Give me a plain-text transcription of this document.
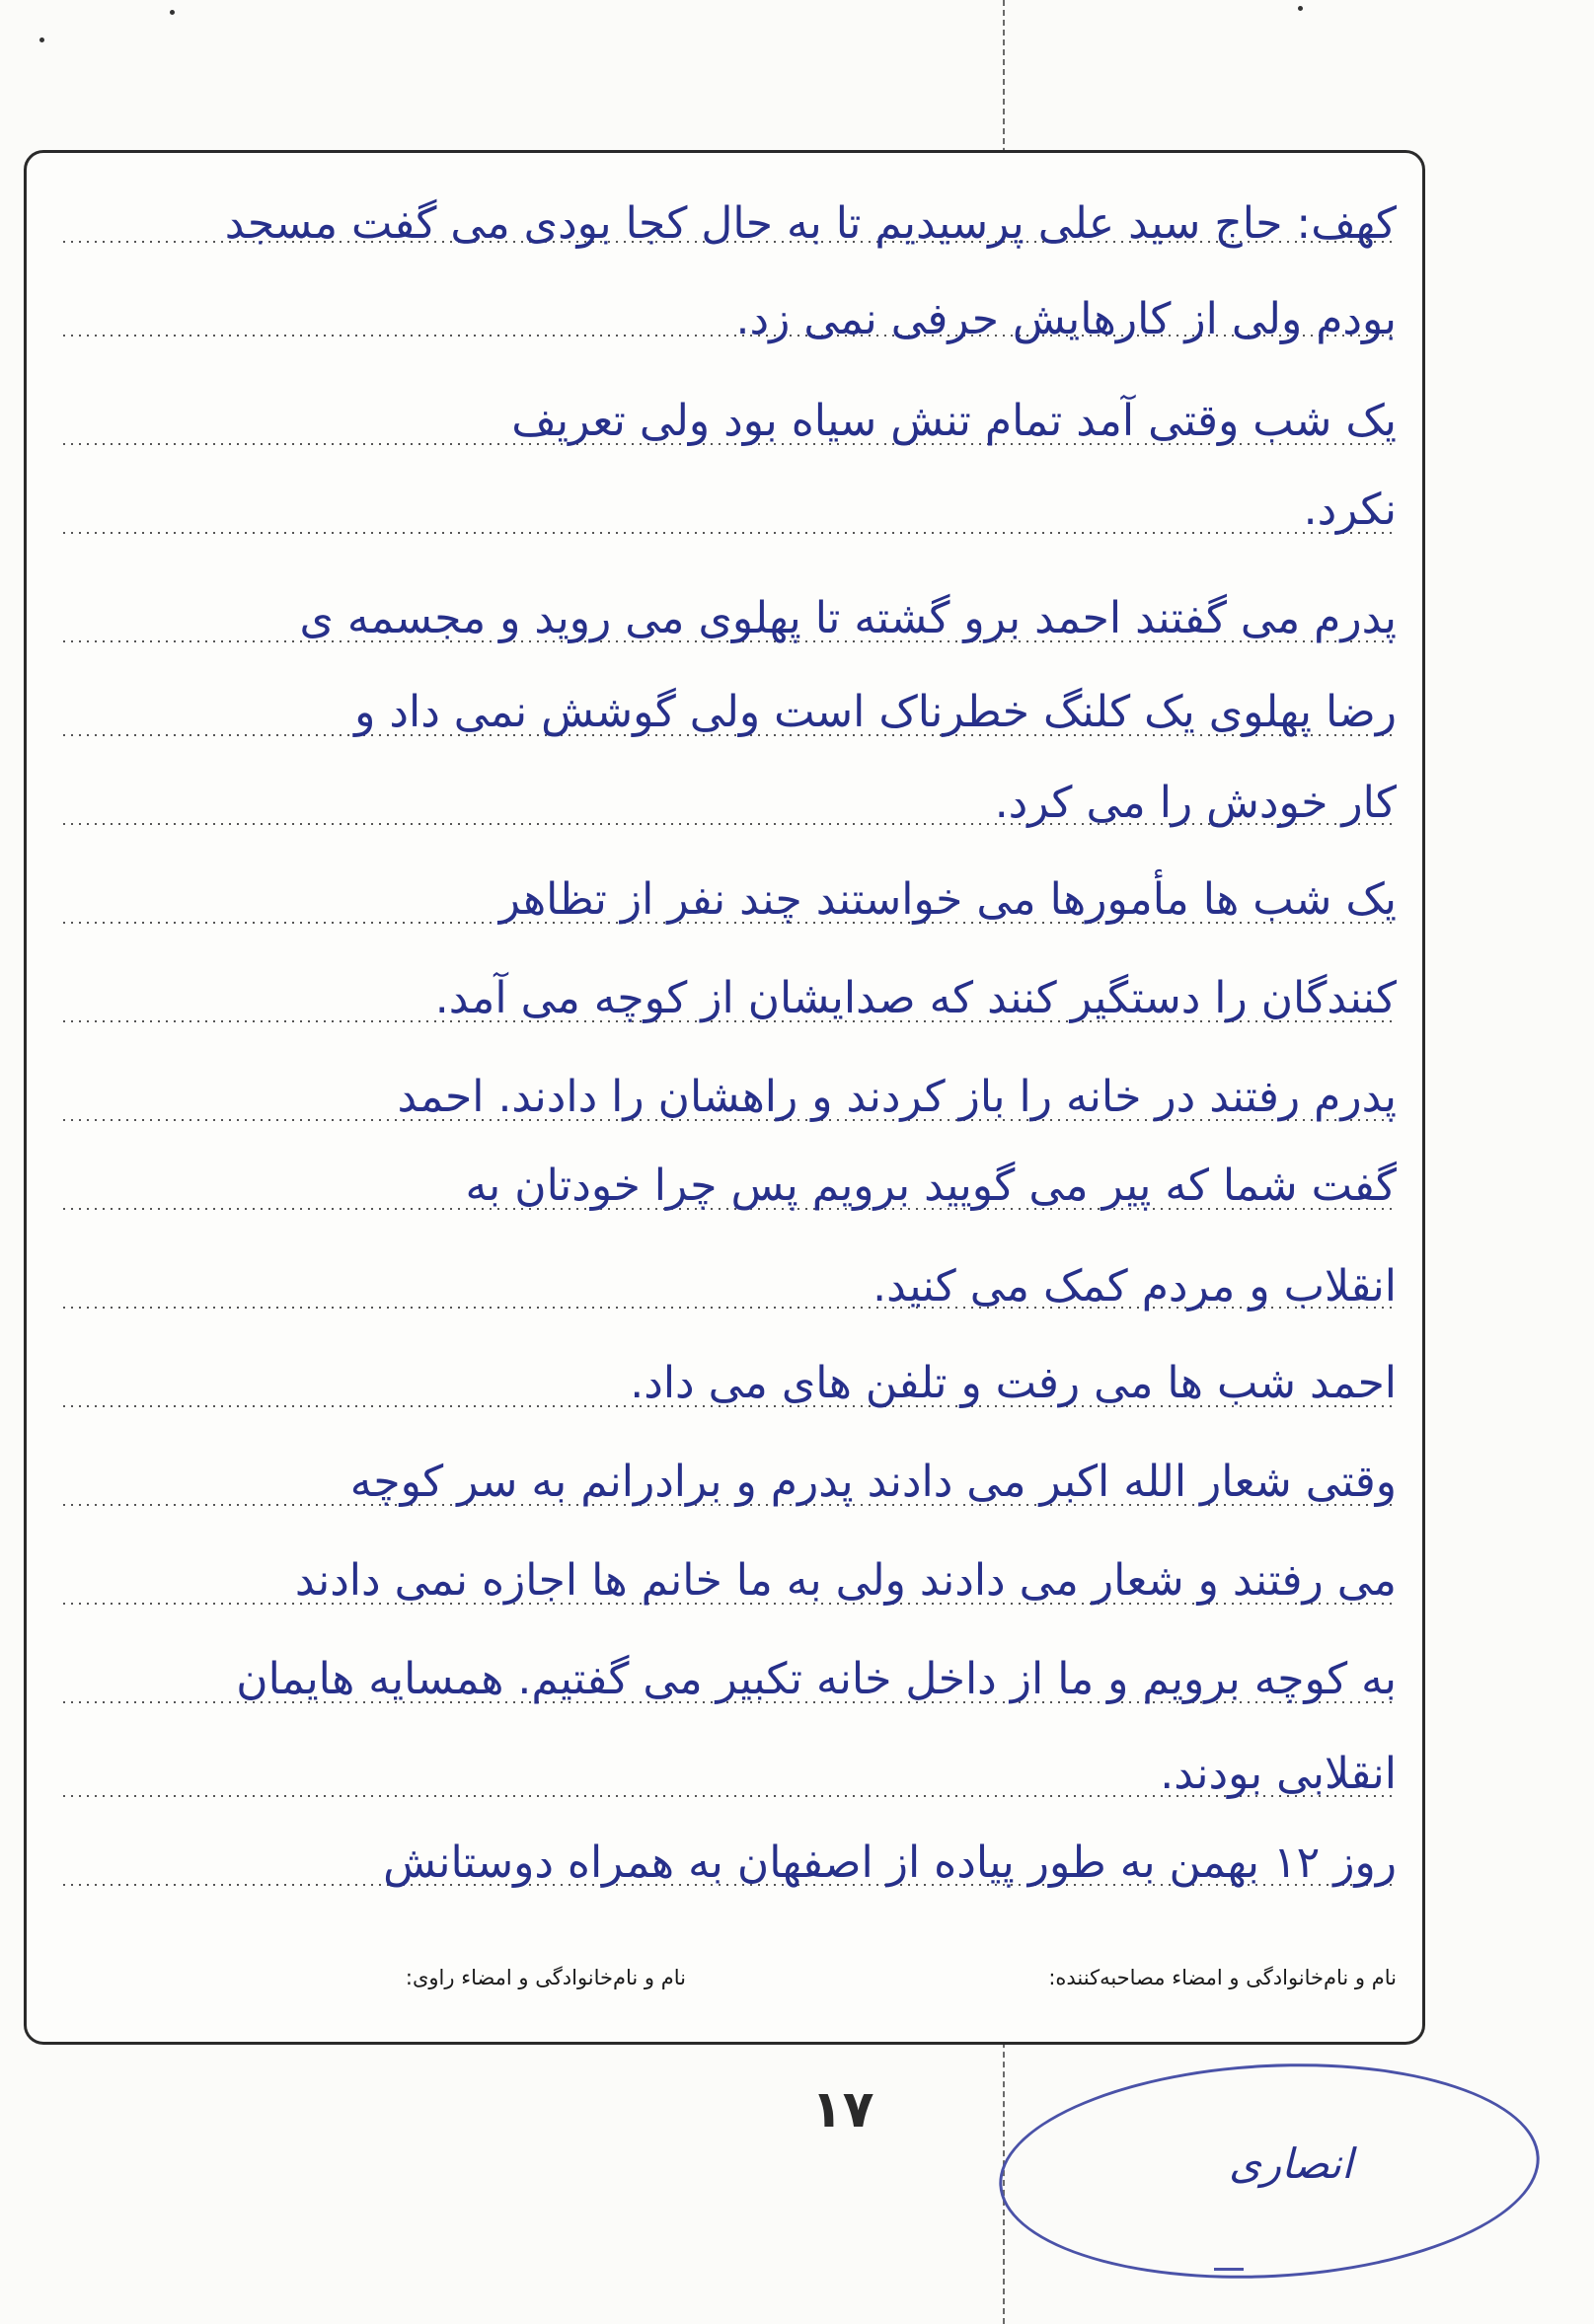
کهف: حاج سید علی پرسیدیم تا به حال کجا بودی می گفت مسجد
بودم ولی از کارهایش حرفی نمی زد.
یک شب وقتی آمد تمام تنش سیاه بود ولی تعریف
نکرد.
پدرم می گفتند احمد برو گشته تا پهلوی می روید و مجسمه ی
رضا پهلوی یک کلنگ خطرناک است ولی گوشش نمی داد و
کار خودش را می کرد.
یک شب ها مأمورها می خواستند چند نفر از تظاهر
کنندگان را دستگیر کنند که صدایشان از کوچه می آمد.
پدرم رفتند در خانه را باز کردند و راهشان را دادند. احمد
گفت شما که پیر می گویید برویم پس چرا خودتان به
انقلاب و مردم کمک می کنید.
احمد شب ها می رفت و تلفن های می داد.
وقتی شعار الله اکبر می دادند پدرم و برادرانم به سر کوچه
می رفتند و شعار می دادند ولی به ما خانم ها اجازه نمی دادند
به کوچه برویم و ما از داخل خانه تکبیر می گفتیم. همسایه هایمان
انقلابی بودند.
روز ۱۲ بهمن به طور پیاده از اصفهان به همراه دوستانش
نام و نام‌خانوادگی و امضاء مصاحبه‌کننده:
نام و نام‌خانوادگی و امضاء راوی:
۱۷
انصاری
